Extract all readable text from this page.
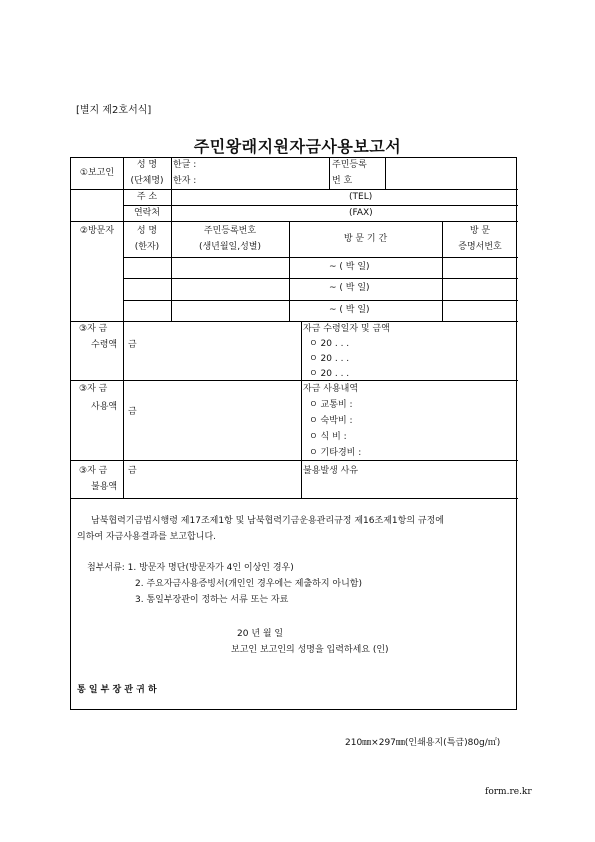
[별지 제2호서식]
주민왕래지원자금사용보고서
①보고인
성 명
(단체명)
한글 :
한자 :
주민등록
번 호
주 소
연락처
(TEL)
(FAX)
②방문자	성 명
(한자)
주민등록번호
(생년월일,성별)
방 문 기 간
방 문
증명서번호
~ ( 박 일)
~ ( 박 일)
~ ( 박 일)
③자 금
수령액 금
자금 수령일자 및 금액
ㅇ 20 . . .
ㅇ 20 . . .
ㅇ 20 . . .
③자 금
사용액 금
자금 사용내역
ㅇ 교통비 :
ㅇ 숙박비 :
ㅇ 식 비 :
ㅇ 기타경비 :
③자 금
불용액
금	불용발생 사유
남북협력기금법시행령 제17조제1항 및 남북협력기금운용관리규정 제16조제1항의 규정에
의하여 자금사용결과를 보고합니다.
첨부서류: 1. 방문자 명단(방문자가 4인 이상인 경우)
2. 주요자금사용증빙서(개인인 경우에는 제출하지 아니함)
3. 통일부장관이 정하는 서류 또는 자료
20 년 월 일
보고인 보고인의 성명을 입력하세요 (인)
통 일 부 장 관 귀 하
210㎜×297㎜(인쇄용지(특급)80g/㎡)
form.re.kr
